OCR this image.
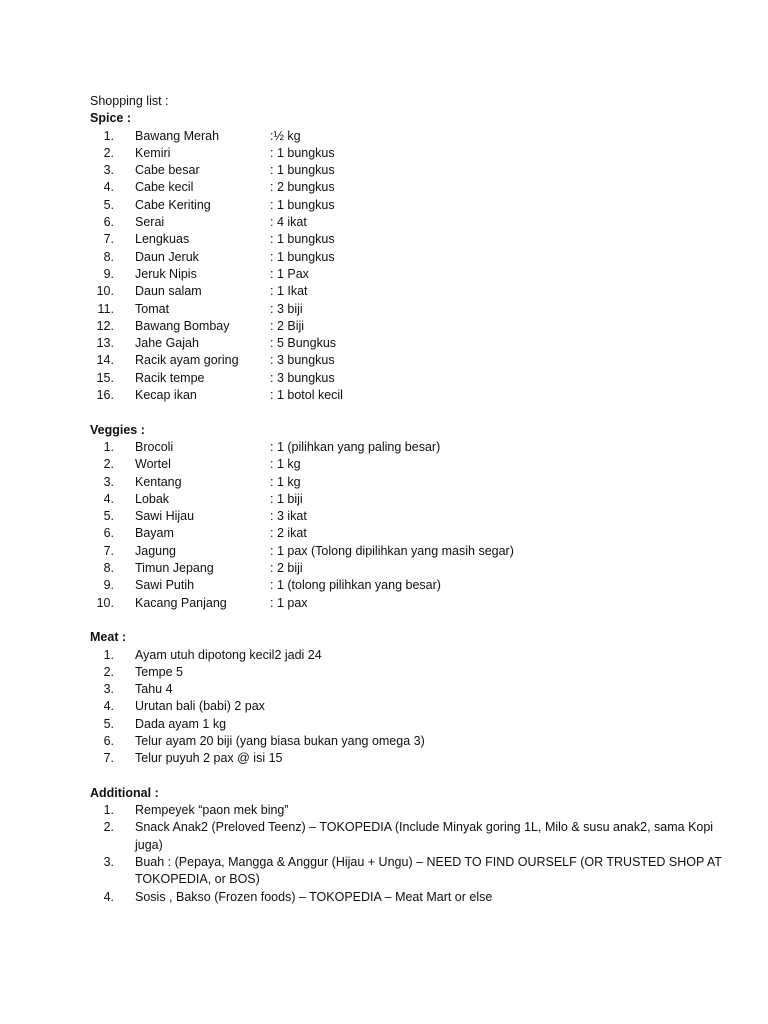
Shopping list :
Spice :
1. Bawang Merah	:½ kg
2. Kemiri	: 1 bungkus
3. Cabe besar	: 1 bungkus
4. Cabe kecil	: 2 bungkus
5. Cabe Keriting	: 1 bungkus
6. Serai	: 4 ikat
7. Lengkuas	: 1 bungkus
8. Daun Jeruk	: 1 bungkus
9. Jeruk Nipis	: 1 Pax
10. Daun salam	: 1 Ikat
11. Tomat	: 3 biji
12. Bawang Bombay	: 2 Biji
13. Jahe Gajah	: 5 Bungkus
14. Racik ayam goring	: 3 bungkus
15. Racik tempe	: 3 bungkus
16. Kecap ikan	: 1 botol kecil
Veggies :
1. Brocoli	: 1 (pilihkan yang paling besar)
2. Wortel	: 1 kg
3. Kentang	: 1 kg
4. Lobak	: 1 biji
5. Sawi Hijau	: 3 ikat
6. Bayam	: 2 ikat
7. Jagung	: 1 pax (Tolong dipilihkan yang masih segar)
8. Timun Jepang	: 2 biji
9. Sawi Putih	: 1 (tolong pilihkan yang besar)
10. Kacang Panjang	: 1 pax
Meat :
1. Ayam utuh dipotong kecil2 jadi 24
2. Tempe 5
3. Tahu 4
4. Urutan bali (babi) 2 pax
5. Dada ayam 1 kg
6. Telur ayam 20 biji (yang biasa bukan yang omega 3)
7. Telur puyuh 2 pax @ isi 15
Additional :
1. Rempeyek “paon mek bing”
2. Snack Anak2 (Preloved Teenz) – TOKOPEDIA (Include Minyak goring 1L, Milo & susu anak2, sama Kopi juga)
3. Buah : (Pepaya, Mangga & Anggur (Hijau + Ungu) – NEED TO FIND OURSELF (OR TRUSTED SHOP AT TOKOPEDIA, or BOS)
4. Sosis , Bakso (Frozen foods) – TOKOPEDIA – Meat Mart or else
